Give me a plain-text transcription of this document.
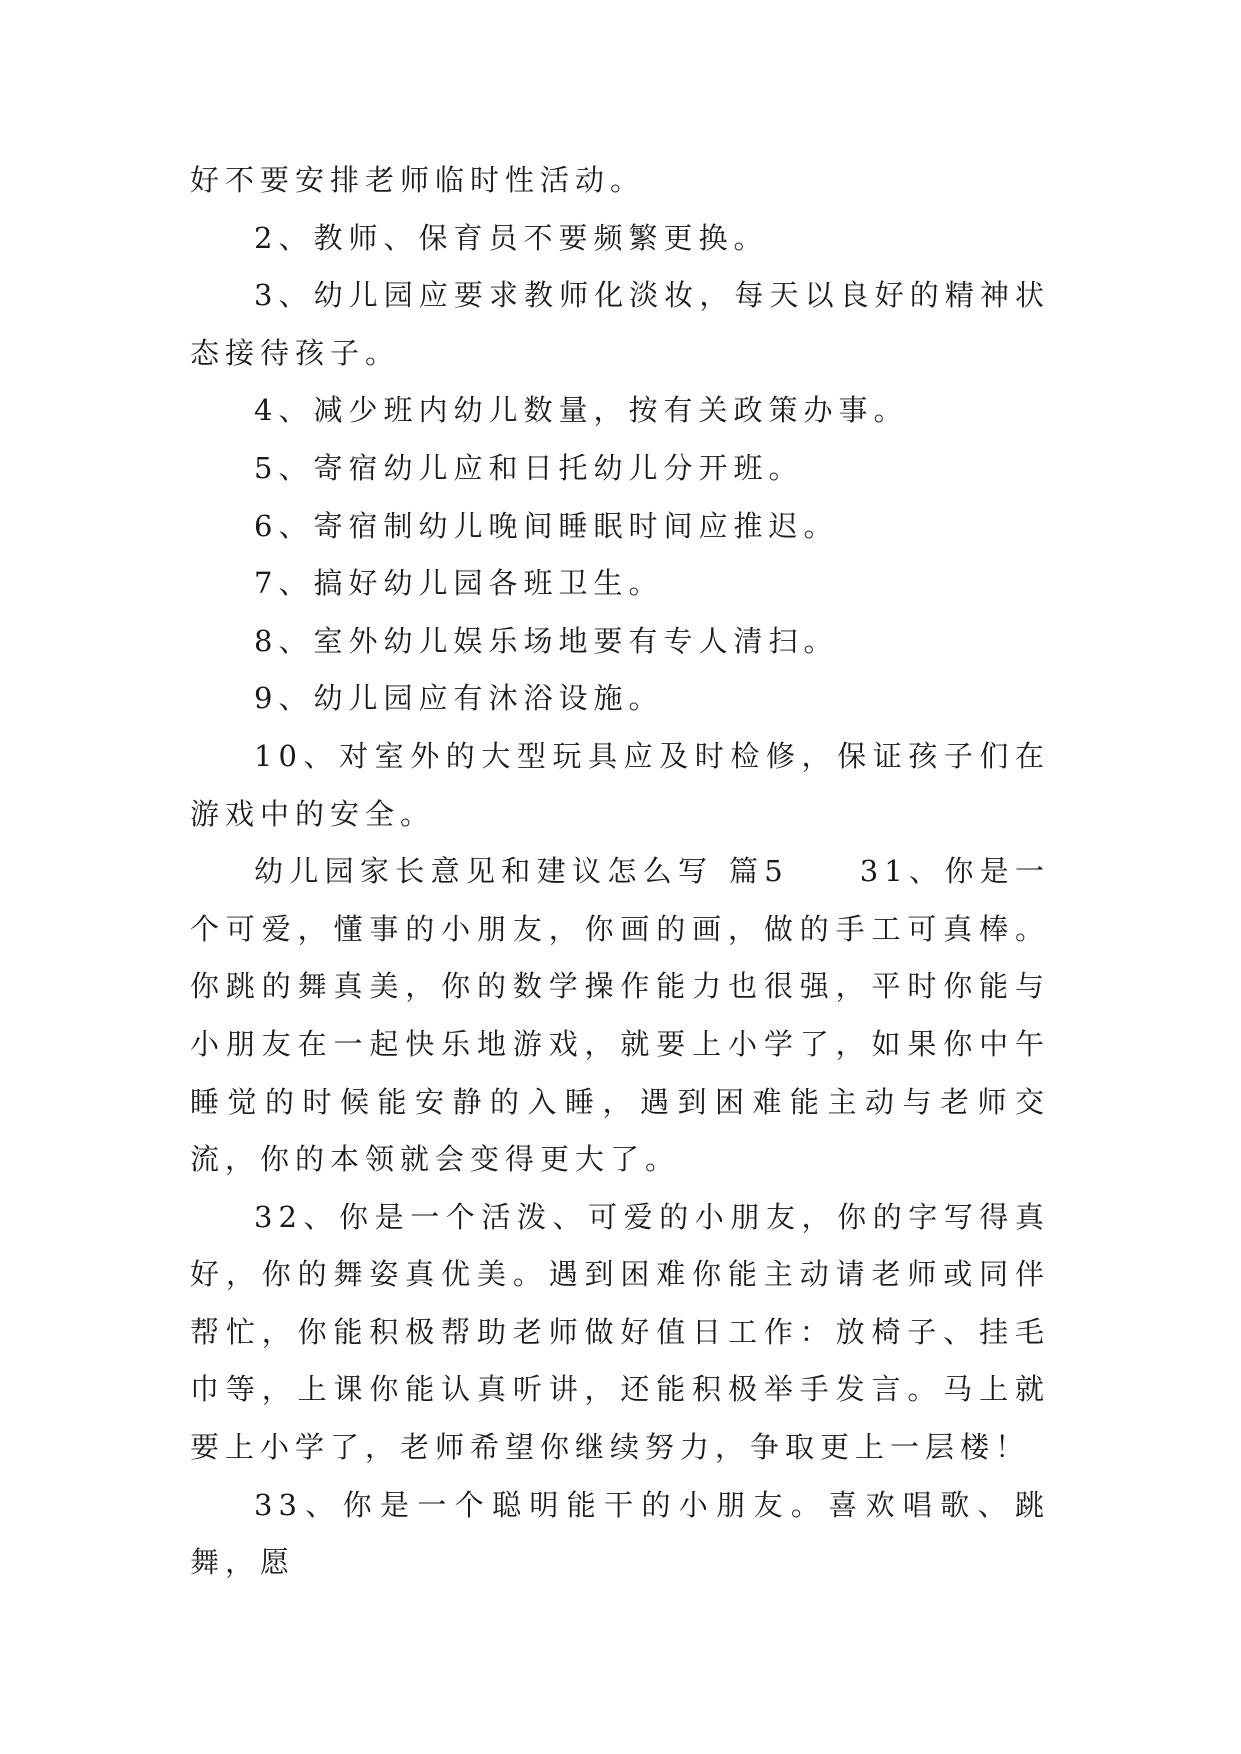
好不要安排老师临时性活动。

2、教师、保育员不要频繁更换。

3、幼儿园应要求教师化淡妆，每天以良好的精神状态接待孩子。

4、减少班内幼儿数量，按有关政策办事。

5、寄宿幼儿应和日托幼儿分开班。

6、寄宿制幼儿晚间睡眠时间应推迟。

7、搞好幼儿园各班卫生。

8、室外幼儿娱乐场地要有专人清扫。

9、幼儿园应有沐浴设施。

10、对室外的大型玩具应及时检修，保证孩子们在游戏中的安全。

幼儿园家长意见和建议怎么写 篇5　　31、你是一个可爱，懂事的小朋友，你画的画，做的手工可真棒。你跳的舞真美，你的数学操作能力也很强，平时你能与小朋友在一起快乐地游戏，就要上小学了，如果你中午睡觉的时候能安静的入睡，遇到困难能主动与老师交流，你的本领就会变得更大了。

32、你是一个活泼、可爱的小朋友，你的字写得真好，你的舞姿真优美。遇到困难你能主动请老师或同伴帮忙，你能积极帮助老师做好值日工作：放椅子、挂毛巾等，上课你能认真听讲，还能积极举手发言。马上就要上小学了，老师希望你继续努力，争取更上一层楼！

33、你是一个聪明能干的小朋友。喜欢唱歌、跳舞，愿
